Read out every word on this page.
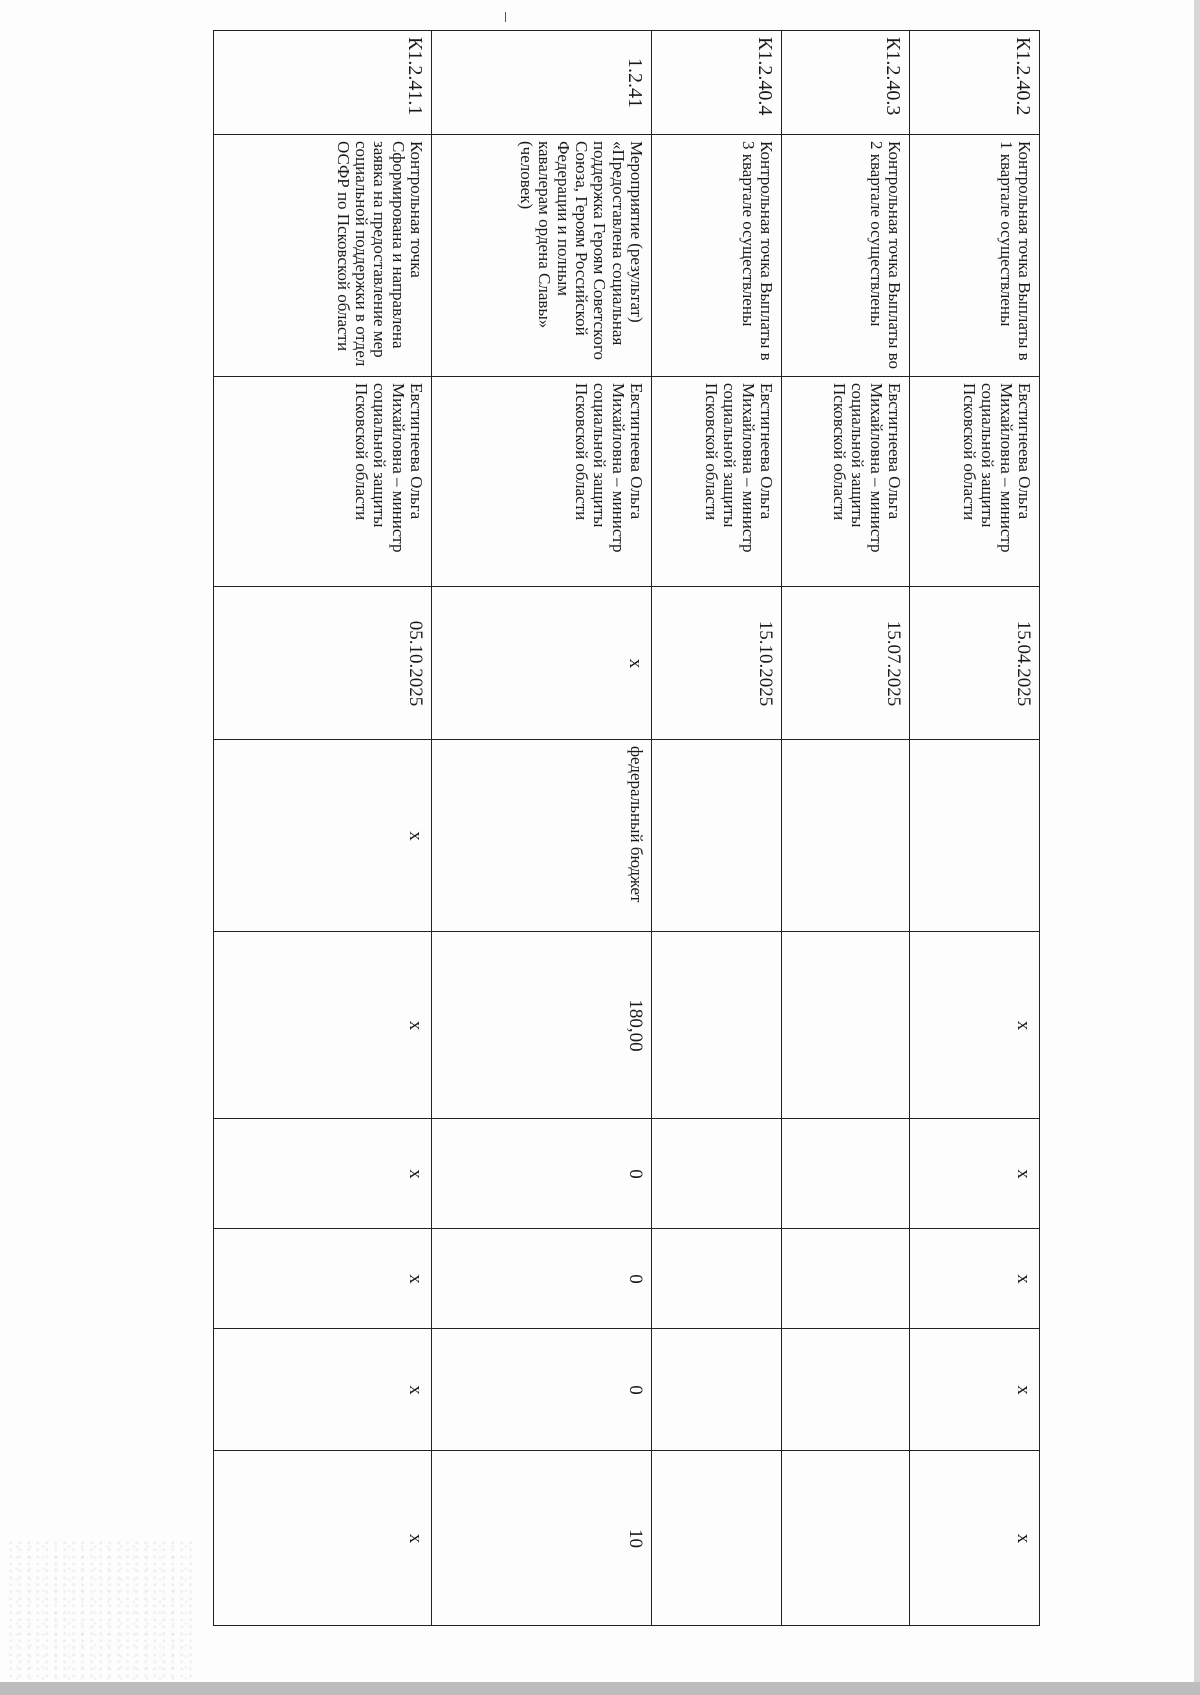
К1.2.40.2	Контрольная точка Выплаты в 1 квартале осуществлены	Евстигнеева Ольга Михайловна – министр социальной защиты Псковской области	15.04.2025		x	x	x	x	x
К1.2.40.3	Контрольная точка Выплаты во 2 квартале осуществлены	Евстигнеева Ольга Михайловна – министр социальной защиты Псковской области	15.07.2025						
К1.2.40.4	Контрольная точка Выплаты в 3 квартале осуществлены	Евстигнеева Ольга Михайловна – министр социальной защиты Псковской области	15.10.2025						
1.2.41	Мероприятие (результат) «Предоставлена социальная поддержка Героям Советского Союза, Героям Российской Федерации и полным кавалерам ордена Славы» (человек)	Евстигнеева Ольга Михайловна – министр социальной защиты Псковской области	x	федеральный бюджет	180,00	0	0	0	10
К1.2.41.1	Контрольная точка Сформирована и направлена заявка на предоставление мер социальной поддержки в отдел ОСФР по Псковской области	Евстигнеева Ольга Михайловна – министр социальной защиты Псковской области	05.10.2025	x	x	x	x	x	x
